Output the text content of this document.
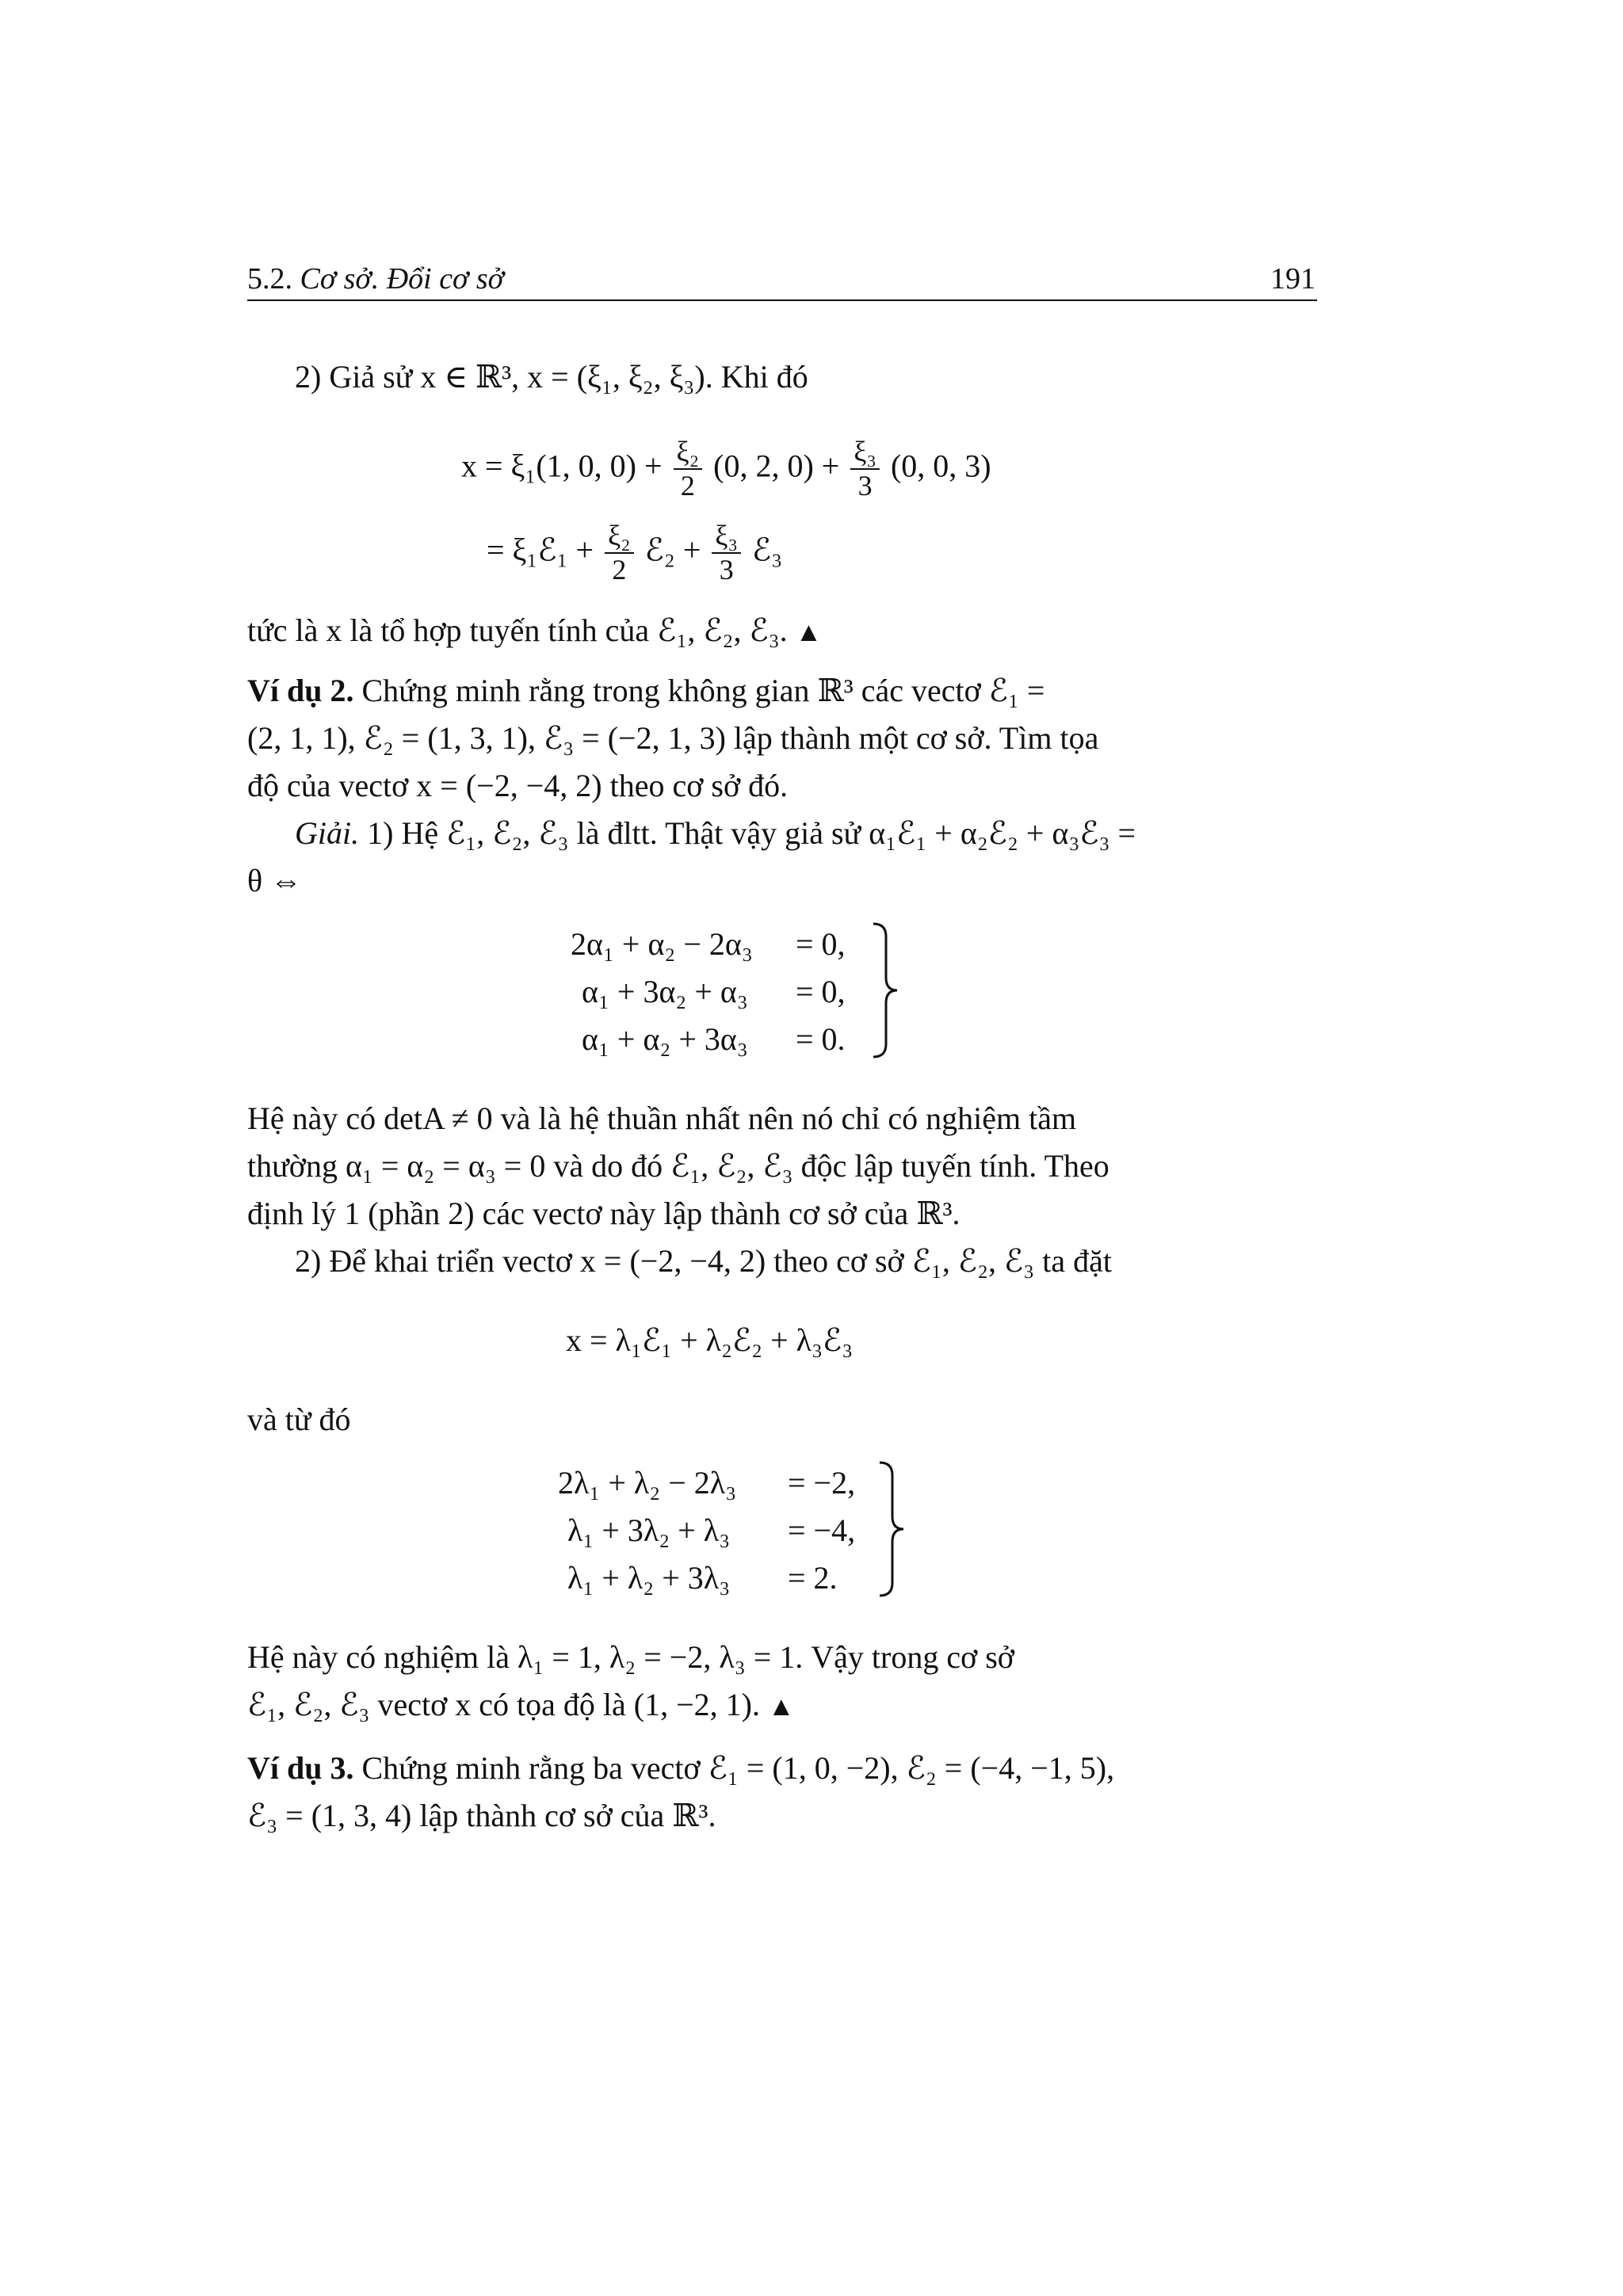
5.2. Cơ sở. Đổi cơ sở	191
2) Giả sử x ∈ ℝ³, x = (ξ₁, ξ₂, ξ₃). Khi đó
x = ξ₁(1, 0, $0) + \frac{\text{ξ₂}}{2} (0$, 2, $0) + \frac{\text{ξ₃}}{3} (0$, 0, 3)
= ξ₁ℰ₁ + $\frac{\text{ξ₂}}{2}$ ℰ₂ + $\frac{\text{ξ₃}}{3}$ ℰ₃
tức là x là tổ hợp tuyến tính của ℰ₁, ℰ₂, ℰ₃. ▲
Ví dụ 2. Chứng minh rằng trong không gian ℝ³ các vectơ ℰ₁ =
(2, 1, 1), ℰ₂ = (1, 3, 1), ℰ₃ = (−2, 1, 3) lập thành một cơ sở. Tìm tọa
độ của vectơ x = (−2, −4, 2) theo cơ sở đó.
Giải. 1) Hệ ℰ₁, ℰ₂, ℰ₃ là đltt. Thật vậy giả sử α₁ℰ₁ + α₂ℰ₂ + α₃ℰ₃ =
θ ⇔
2α₁ + α₂ − 2α₃ = 0,
α₁ + 3α₂ + α₃ = 0,
α₁ + α₂ + 3α₃ = 0.
Hệ này có detA ≠ 0 và là hệ thuần nhất nên nó chỉ có nghiệm tầm
thường α₁ = α₂ = α₃ = 0 và do đó ℰ₁, ℰ₂, ℰ₃ độc lập tuyến tính. Theo
định lý 1 (phần 2) các vectơ này lập thành cơ sở của ℝ³.
2) Để khai triển vectơ x = (−2, −4, 2) theo cơ sở ℰ₁, ℰ₂, ℰ₃ ta đặt
x = λ₁ℰ₁ + λ₂ℰ₂ + λ₃ℰ₃
và từ đó
2λ₁ + λ₂ − 2λ₃ = −2,
λ₁ + 3λ₂ + λ₃ = −4,
λ₁ + λ₂ + 3λ₃ = 2.
Hệ này có nghiệm là λ₁ = 1, λ₂ = −2, λ₃ = 1. Vậy trong cơ sở
ℰ₁, ℰ₂, ℰ₃ vectơ x có tọa độ là (1, −2, 1). ▲
Ví dụ 3. Chứng minh rằng ba vectơ ℰ₁ = (1, 0, −2), ℰ₂ = (−4, −1, 5),
ℰ₃ = (1, 3, 4) lập thành cơ sở của ℝ³.
